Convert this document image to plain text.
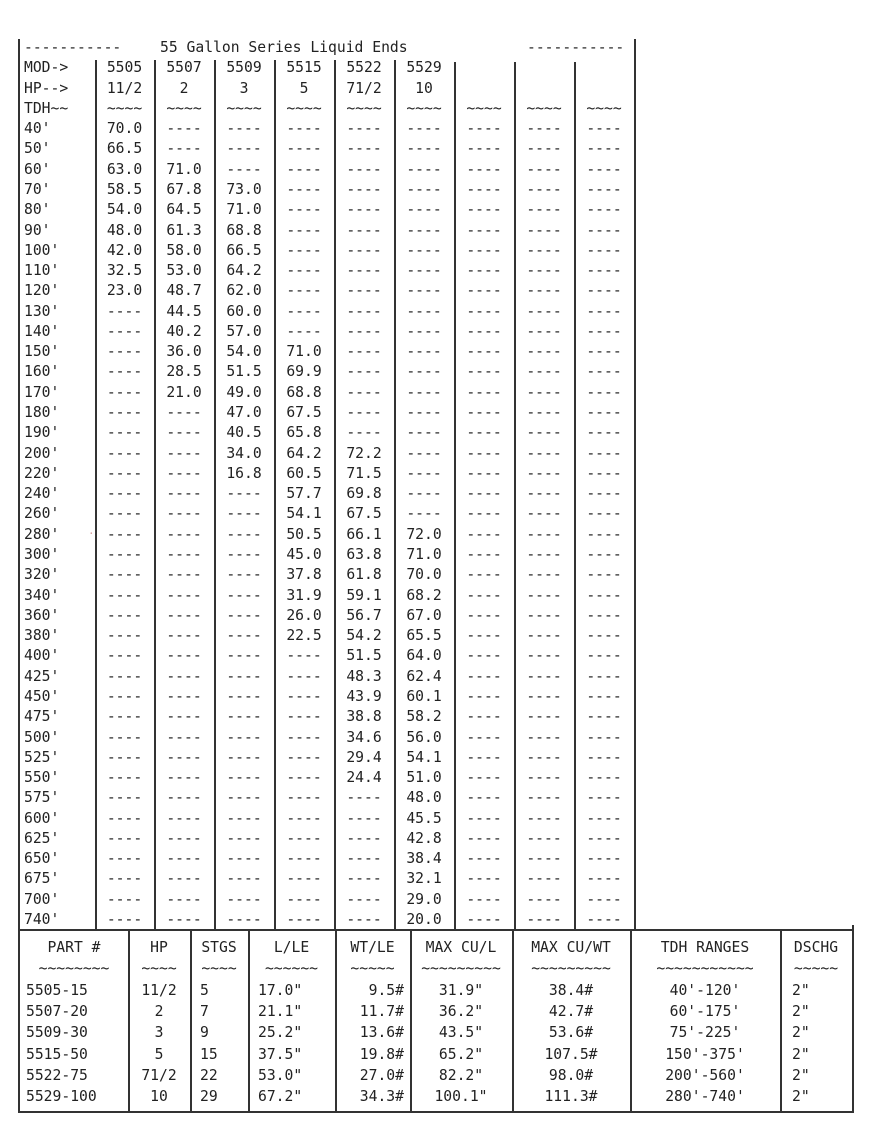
-----------	55 Gallon Series Liquid Ends	-----------
MOD->	5505	5507	5509	5515	5522	5529
HP-->	11/2	2	3	5	71/2	10
TDH~~	~~~~	~~~~	~~~~	~~~~	~~~~	~~~~	~~~~	~~~~	~~~~
40'	70.0	----	----	----	----	----	----	----	----
50'	66.5	----	----	----	----	----	----	----	----
60'	63.0	71.0	----	----	----	----	----	----	----
70'	58.5	67.8	73.0	----	----	----	----	----	----
80'	54.0	64.5	71.0	----	----	----	----	----	----
90'	48.0	61.3	68.8	----	----	----	----	----	----
100'	42.0	58.0	66.5	----	----	----	----	----	----
110'	32.5	53.0	64.2	----	----	----	----	----	----
120'	23.0	48.7	62.0	----	----	----	----	----	----
130'	----	44.5	60.0	----	----	----	----	----	----
140'	----	40.2	57.0	----	----	----	----	----	----
150'	----	36.0	54.0	71.0	----	----	----	----	----
160'	----	28.5	51.5	69.9	----	----	----	----	----
170'	----	21.0	49.0	68.8	----	----	----	----	----
180'	----	----	47.0	67.5	----	----	----	----	----
190'	----	----	40.5	65.8	----	----	----	----	----
200'	----	----	34.0	64.2	72.2	----	----	----	----
220'	----	----	16.8	60.5	71.5	----	----	----	----
240'	----	----	----	57.7	69.8	----	----	----	----
260'	----	----	----	54.1	67.5	----	----	----	----
280'	----	----	----	50.5	66.1	72.0	----	----	----
300'	----	----	----	45.0	63.8	71.0	----	----	----
320'	----	----	----	37.8	61.8	70.0	----	----	----
340'	----	----	----	31.9	59.1	68.2	----	----	----
360'	----	----	----	26.0	56.7	67.0	----	----	----
380'	----	----	----	22.5	54.2	65.5	----	----	----
400'	----	----	----	----	51.5	64.0	----	----	----
425'	----	----	----	----	48.3	62.4	----	----	----
450'	----	----	----	----	43.9	60.1	----	----	----
475'	----	----	----	----	38.8	58.2	----	----	----
500'	----	----	----	----	34.6	56.0	----	----	----
525'	----	----	----	----	29.4	54.1	----	----	----
550'	----	----	----	----	24.4	51.0	----	----	----
575'	----	----	----	----	----	48.0	----	----	----
600'	----	----	----	----	----	45.5	----	----	----
625'	----	----	----	----	----	42.8	----	----	----
650'	----	----	----	----	----	38.4	----	----	----
675'	----	----	----	----	----	32.1	----	----	----
700'	----	----	----	----	----	29.0	----	----	----
740'	----	----	----	----	----	20.0	----	----	----
PART #	HP	STGS	L/LE	WT/LE	MAX CU/L	MAX CU/WT	TDH RANGES	DSCHG
~~~~~~~~	~~~~	~~~~	~~~~~~	~~~~~	~~~~~~~~~	~~~~~~~~~	~~~~~~~~~~~	~~~~~
5505-15	11/2	5	17.0"	9.5#	31.9"	38.4#	40'-120'	2"
5507-20	2	7	21.1"	11.7#	36.2"	42.7#	60'-175'	2"
5509-30	3	9	25.2"	13.6#	43.5"	53.6#	75'-225'	2"
5515-50	5	15	37.5"	19.8#	65.2"	107.5#	150'-375'	2"
5522-75	71/2	22	53.0"	27.0#	82.2"	98.0#	200'-560'	2"
5529-100	10	29	67.2"	34.3#	100.1"	111.3#	280'-740'	2"
·
